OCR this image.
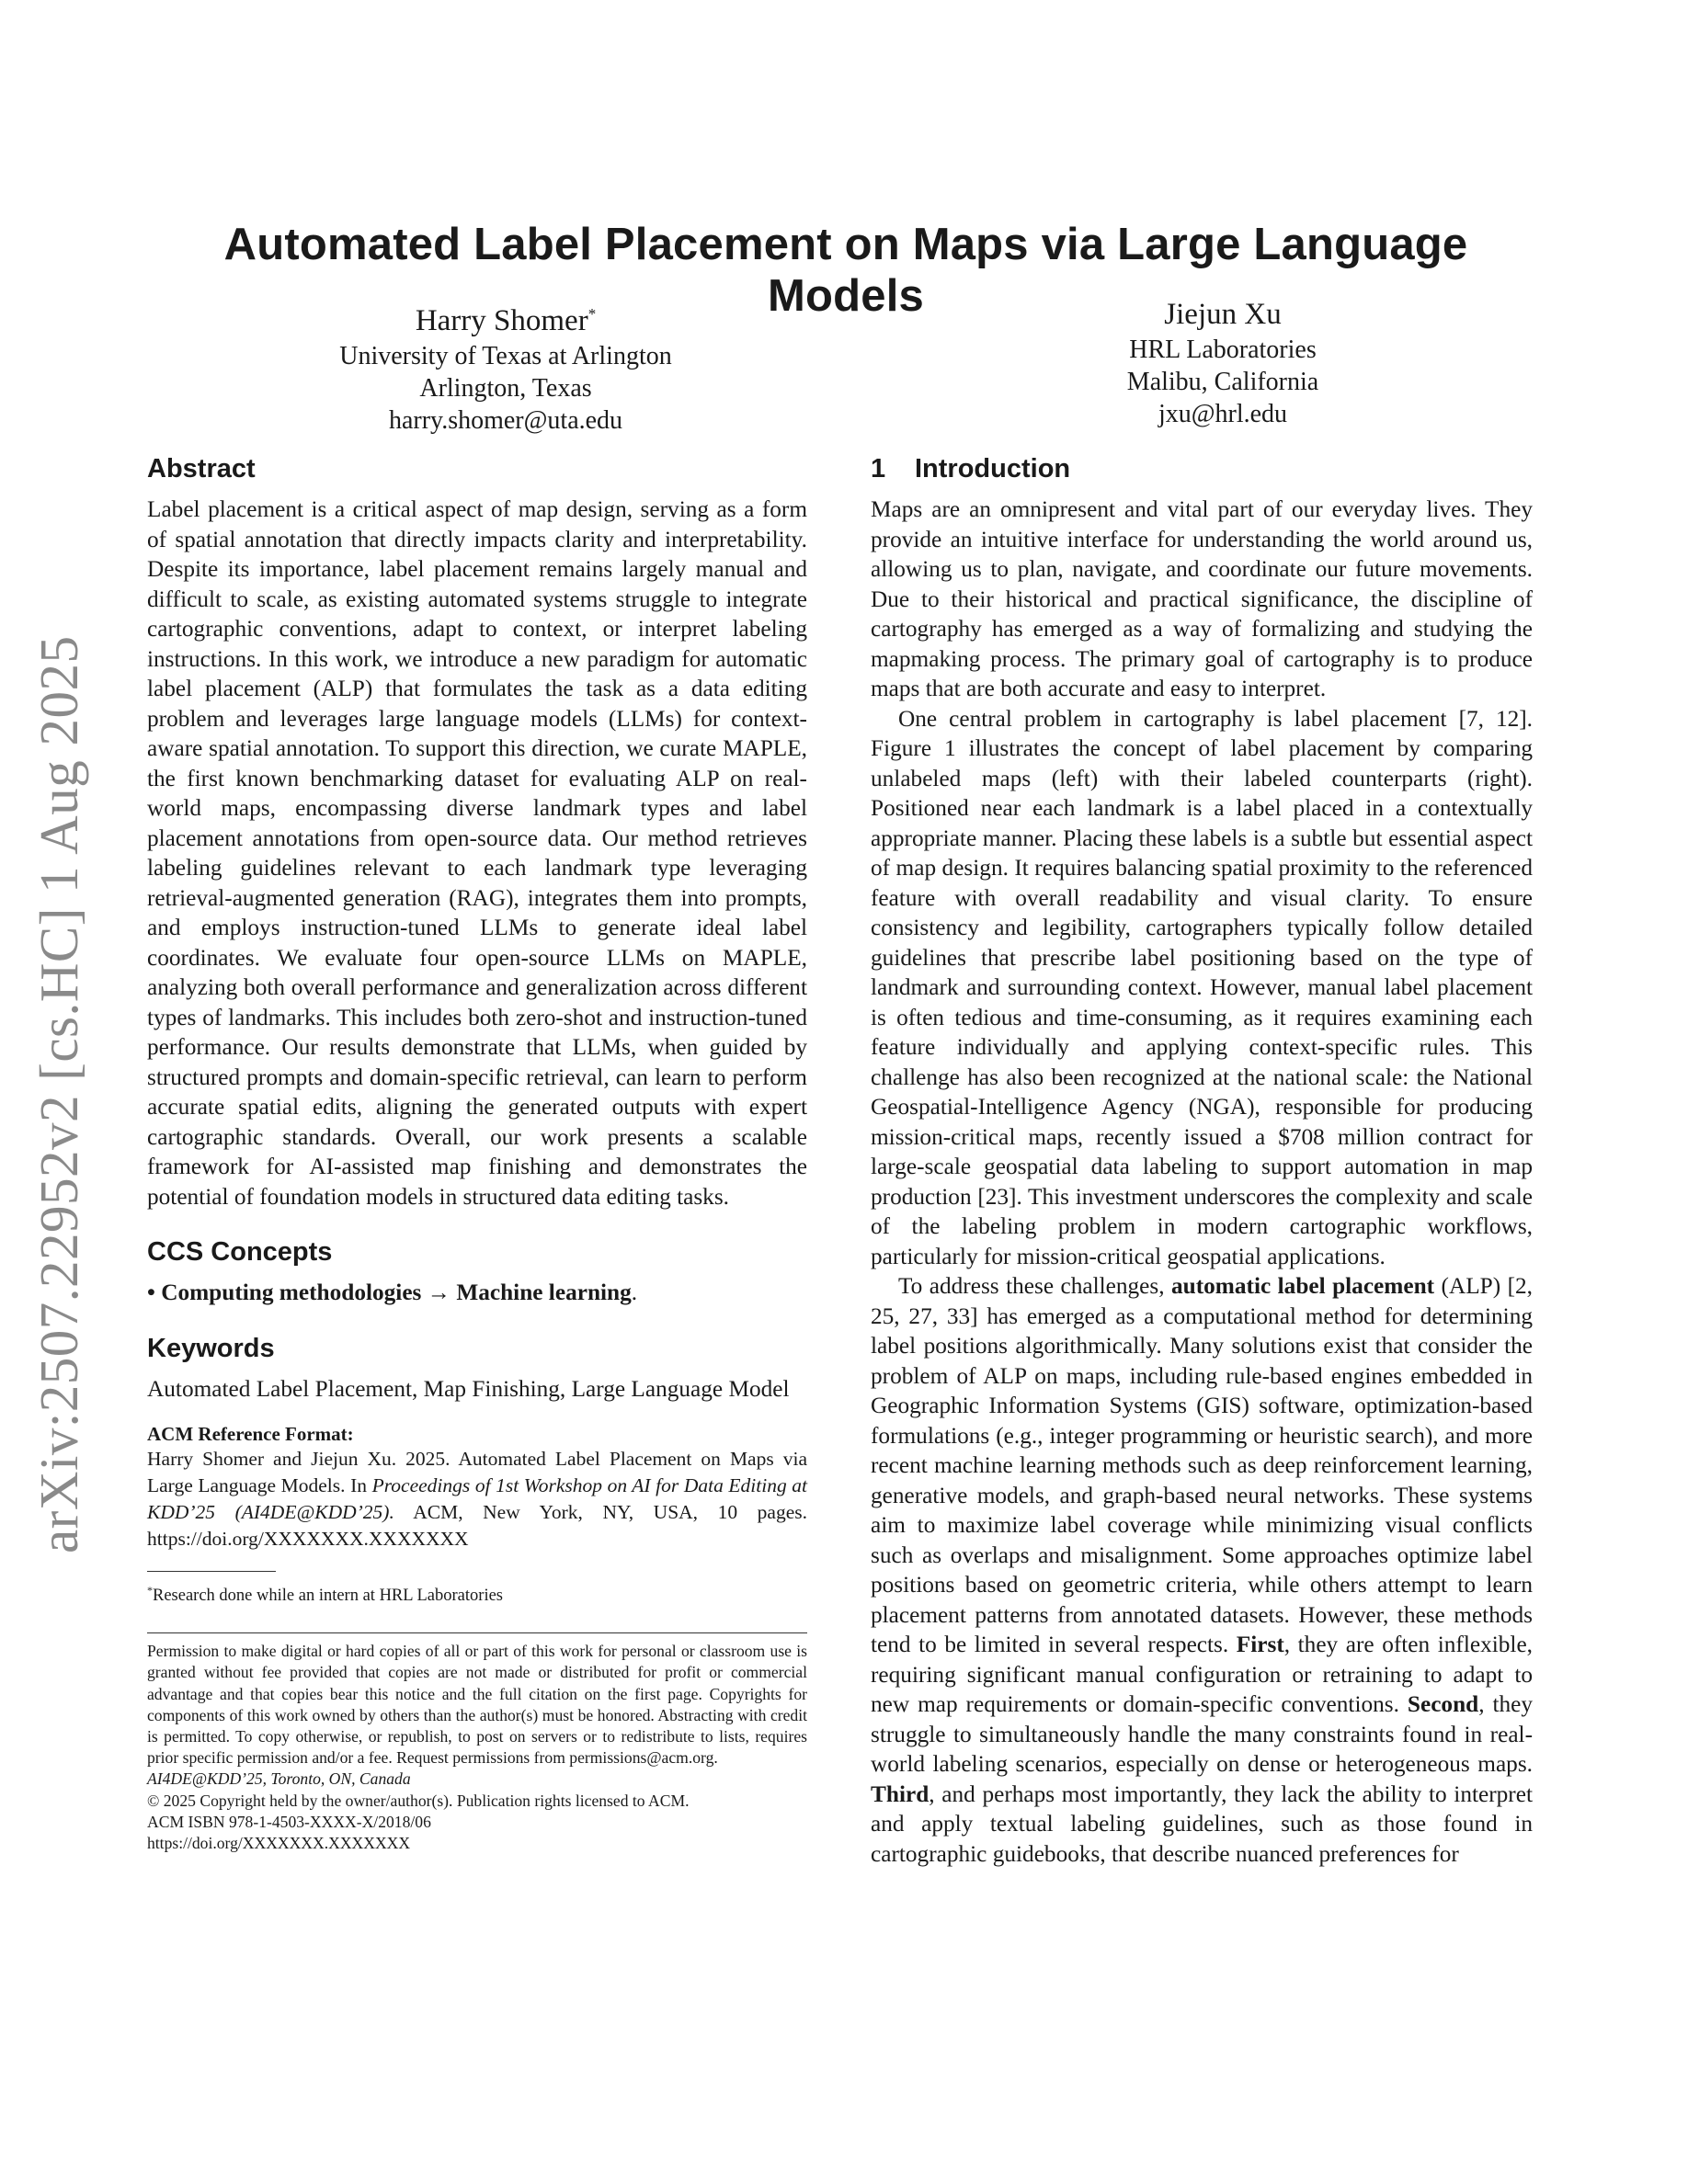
arXiv:2507.22952v2 [cs.HC] 1 Aug 2025
Automated Label Placement on Maps via Large Language Models
Harry Shomer*
University of Texas at Arlington
Arlington, Texas
harry.shomer@uta.edu
Jiejun Xu
HRL Laboratories
Malibu, California
jxu@hrl.edu
Abstract

Label placement is a critical aspect of map design, serving as a form of spatial annotation that directly impacts clarity and interpretability. Despite its importance, label placement remains largely manual and difficult to scale, as existing automated systems struggle to integrate cartographic conventions, adapt to context, or interpret labeling instructions. In this work, we introduce a new paradigm for automatic label placement (ALP) that formulates the task as a data editing problem and leverages large language models (LLMs) for context-aware spatial annotation. To support this direction, we curate MAPLE, the first known benchmarking dataset for evaluating ALP on real-world maps, encompassing diverse landmark types and label placement annotations from open-source data. Our method retrieves labeling guidelines relevant to each landmark type leveraging retrieval-augmented generation (RAG), integrates them into prompts, and employs instruction-tuned LLMs to generate ideal label coordinates. We evaluate four open-source LLMs on MAPLE, analyzing both overall performance and generalization across different types of landmarks. This includes both zero-shot and instruction-tuned performance. Our results demonstrate that LLMs, when guided by structured prompts and domain-specific retrieval, can learn to perform accurate spatial edits, aligning the generated outputs with expert cartographic standards. Overall, our work presents a scalable framework for AI-assisted map finishing and demonstrates the potential of foundation models in structured data editing tasks.

CCS Concepts

• Computing methodologies → Machine learning.

Keywords

Automated Label Placement, Map Finishing, Large Language Model

ACM Reference Format:

Harry Shomer and Jiejun Xu. 2025. Automated Label Placement on Maps via Large Language Models. In Proceedings of 1st Workshop on AI for Data Editing at KDD’25 (AI4DE@KDD’25). ACM, New York, NY, USA, 10 pages. https://doi.org/XXXXXXX.XXXXXXX

*Research done while an intern at HRL Laboratories

Permission to make digital or hard copies of all or part of this work for personal or classroom use is granted without fee provided that copies are not made or distributed for profit or commercial advantage and that copies bear this notice and the full citation on the first page. Copyrights for components of this work owned by others than the author(s) must be honored. Abstracting with credit is permitted. To copy otherwise, or republish, to post on servers or to redistribute to lists, requires prior specific permission and/or a fee. Request permissions from permissions@acm.org.

AI4DE@KDD’25, Toronto, ON, Canada

© 2025 Copyright held by the owner/author(s). Publication rights licensed to ACM.

ACM ISBN 978-1-4503-XXXX-X/2018/06

https://doi.org/XXXXXXX.XXXXXXX

1 Introduction

Maps are an omnipresent and vital part of our everyday lives. They provide an intuitive interface for understanding the world around us, allowing us to plan, navigate, and coordinate our future movements. Due to their historical and practical significance, the discipline of cartography has emerged as a way of formalizing and studying the mapmaking process. The primary goal of cartography is to produce maps that are both accurate and easy to interpret.

One central problem in cartography is label placement [7, 12]. Figure 1 illustrates the concept of label placement by comparing unlabeled maps (left) with their labeled counterparts (right). Positioned near each landmark is a label placed in a contextually appropriate manner. Placing these labels is a subtle but essential aspect of map design. It requires balancing spatial proximity to the referenced feature with overall readability and visual clarity. To ensure consistency and legibility, cartographers typically follow detailed guidelines that prescribe label positioning based on the type of landmark and surrounding context. However, manual label placement is often tedious and time-consuming, as it requires examining each feature individually and applying context-specific rules. This challenge has also been recognized at the national scale: the National Geospatial-Intelligence Agency (NGA), responsible for producing mission-critical maps, recently issued a $708 million contract for large-scale geospatial data labeling to support automation in map production [23]. This investment underscores the complexity and scale of the labeling problem in modern cartographic workflows, particularly for mission-critical geospatial applications.

To address these challenges, automatic label placement (ALP) [2, 25, 27, 33] has emerged as a computational method for determining label positions algorithmically. Many solutions exist that consider the problem of ALP on maps, including rule-based engines embedded in Geographic Information Systems (GIS) software, optimization-based formulations (e.g., integer programming or heuristic search), and more recent machine learning methods such as deep reinforcement learning, generative models, and graph-based neural networks. These systems aim to maximize label coverage while minimizing visual conflicts such as overlaps and misalignment. Some approaches optimize label positions based on geometric criteria, while others attempt to learn placement patterns from annotated datasets. However, these methods tend to be limited in several respects. First, they are often inflexible, requiring significant manual configuration or retraining to adapt to new map requirements or domain-specific conventions. Second, they struggle to simultaneously handle the many constraints found in real-world labeling scenarios, especially on dense or heterogeneous maps. Third, and perhaps most importantly, they lack the ability to interpret and apply textual labeling guidelines, such as those found in cartographic guidebooks, that describe nuanced preferences for
